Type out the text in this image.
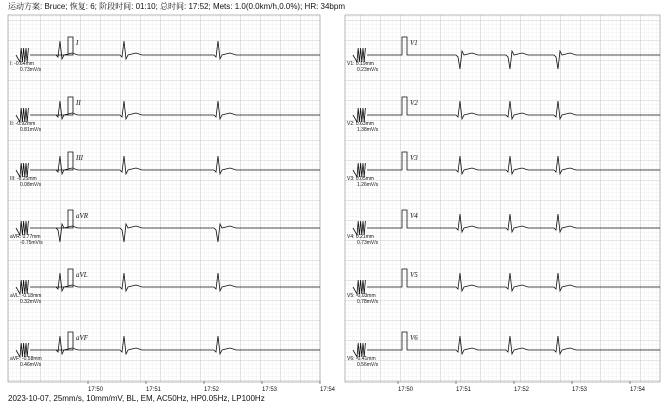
运动方案: Bruce; 恢复: 6; 阶段时间: 01:10; 总时间: 17:52; Mets: 1.0(0.0km/h,0.0%); HR: 34bpm
I
I: -0.64mm
0.73mV/s
II
II: -0.92mm
0.81mV/s
III
III: -0.25mm
0.08mV/s
aVR
aVR: 0.77mm
-0.75mV/s
aVL
aVL: -0.18mm
0.32mV/s
aVF
aVF: -0.58mm
0.46mV/s
V1
V1: 0.19mm
0.23mV/s
V2
V2: 0.63mm
1.38mV/s
V3
V3: 0.05mm
1.26mV/s
V4
V4: 0.21mm
0.73mV/s
V5
V5: -0.03mm
0.78mV/s
V6
V6: -0.41mm
0.56mV/s
17:50	17:51	17:52	17:53	17:54	17:50	17:51	17:52	17:53	17:54
2023-10-07, 25mm/s, 10mm/mV, BL, EM, AC50Hz, HP0.05Hz, LP100Hz
